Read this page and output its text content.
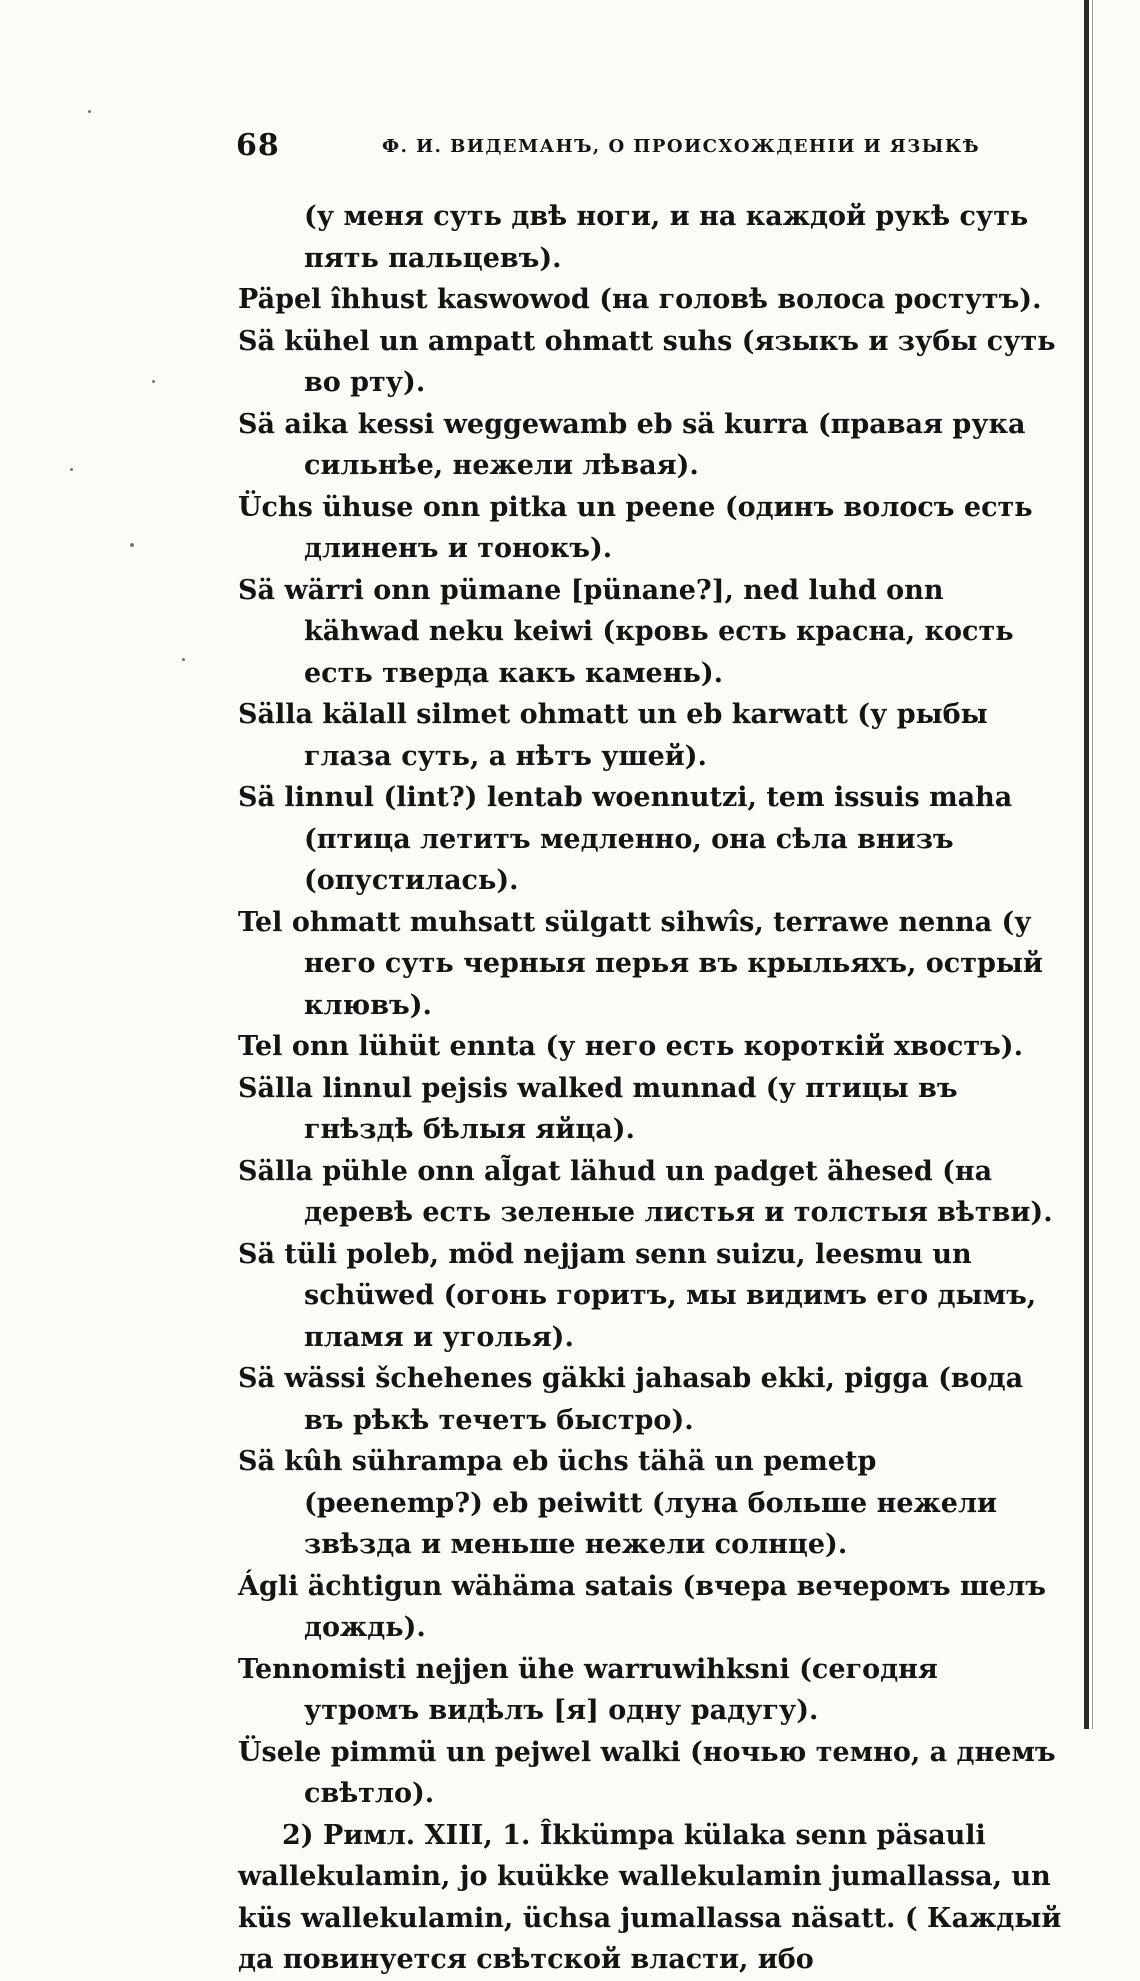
68	Ф. И. ВИДЕМАНЪ, О ПРОИСХОЖДЕНІИ И ЯЗЫКѢ

(у меня суть двѣ ноги, и на каждой рукѣ суть пять пальцевъ).

Päpel îhhust kaswowod (на головѣ волоса ростутъ).

Sä kühel un ampatt ohmatt suhs (языкъ и зубы суть во рту).

Sä aika kessi weggewamb eb sä kurra (правая рука сильнѣе, нежели лѣвая).

Üchs ühuse onn pitka un peene (одинъ волосъ есть длиненъ и тонокъ).

Sä wärri onn pümane [pünane?], ned luhd onn kähwad neku keiwi (кровь есть красна, кость есть тверда какъ камень).

Sälla kälall silmet ohmatt un eb karwatt (у рыбы глаза суть, а нѣтъ ушей).

Sä linnul (lint?) lentab woennutzi, tem issuis maha (птица летитъ медленно, она сѣла внизъ (опустилась).

Tel ohmatt muhsatt sülgatt sihwîs, terrawe nenna (у него суть черныя перья въ крыльяхъ, острый клювъ).

Tel onn lühüt ennta (у него есть короткій хвостъ).

Sälla linnul pejsis walked munnad (у птицы въ гнѣздѣ бѣлыя яйца).

Sälla pühle onn al̃gat lähud un padget ähesed (на деревѣ есть зеленые листья и толстыя вѣтви).

Sä tüli poleb, möd nejjam senn suizu, leesmu un schüwed (огонь горитъ, мы видимъ его дымъ, пламя и уголья).

Sä wässi šchehenes gäkki jahasab ekki, pigga (вода въ рѣкѣ течетъ быстро).

Sä kûh sührampa eb üchs tähä un pemetp (peenemp?) eb peiwitt (луна больше нежели звѣзда и меньше нежели солнце).

Ágli ächtigun wähäma satais (вчера вечеромъ шелъ дождь).

Tennomisti nejjen ühe warruwihksni (сегодня утромъ видѣлъ [я] одну радугу).

Üsele pimmü un pejwel walki (ночью темно, а днемъ свѣтло).

2) Римл. XIII, 1. Îkkümpa külaka senn päsauli wallekulamin, jo kuükke wallekulamin jumallassa, un küs wallekulamin, üchsa jumallassa näsatt. ( Каждый да повинуется свѣтской власти, ибо
